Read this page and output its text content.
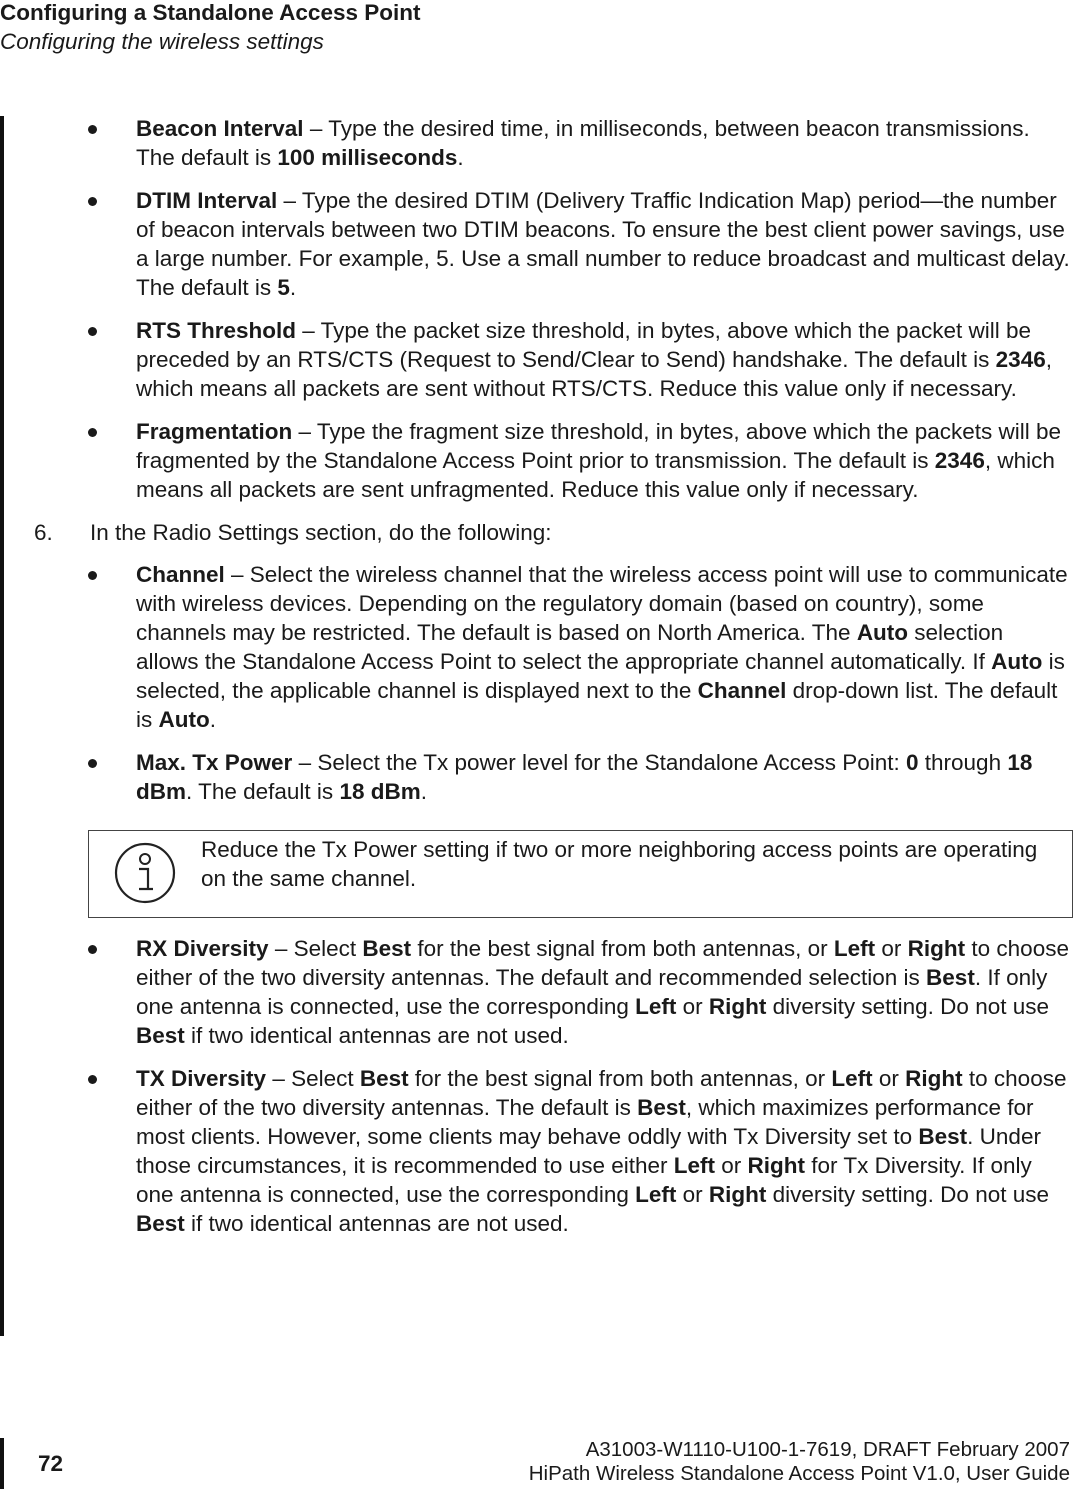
Configuring a Standalone Access Point
Configuring the wireless settings
Beacon Interval – Type the desired time, in milliseconds, between beacon transmissions. The default is 100 milliseconds.
DTIM Interval – Type the desired DTIM (Delivery Traffic Indication Map) period—the number of beacon intervals between two DTIM beacons. To ensure the best client power savings, use a large number. For example, 5. Use a small number to reduce broadcast and multicast delay. The default is 5.
RTS Threshold – Type the packet size threshold, in bytes, above which the packet will be preceded by an RTS/CTS (Request to Send/Clear to Send) handshake. The default is 2346, which means all packets are sent without RTS/CTS. Reduce this value only if necessary.
Fragmentation – Type the fragment size threshold, in bytes, above which the packets will be fragmented by the Standalone Access Point prior to transmission. The default is 2346, which means all packets are sent unfragmented. Reduce this value only if necessary.
6. In the Radio Settings section, do the following:
Channel – Select the wireless channel that the wireless access point will use to communicate with wireless devices. Depending on the regulatory domain (based on country), some channels may be restricted. The default is based on North America. The Auto selection allows the Standalone Access Point to select the appropriate channel automatically. If Auto is selected, the applicable channel is displayed next to the Channel drop-down list. The default is Auto.
Max. Tx Power – Select the Tx power level for the Standalone Access Point: 0 through 18 dBm. The default is 18 dBm.
Reduce the Tx Power setting if two or more neighboring access points are operating on the same channel.
RX Diversity – Select Best for the best signal from both antennas, or Left or Right to choose either of the two diversity antennas. The default and recommended selection is Best. If only one antenna is connected, use the corresponding Left or Right diversity setting. Do not use Best if two identical antennas are not used.
TX Diversity – Select Best for the best signal from both antennas, or Left or Right to choose either of the two diversity antennas. The default is Best, which maximizes performance for most clients. However, some clients may behave oddly with Tx Diversity set to Best. Under those circumstances, it is recommended to use either Left or Right for Tx Diversity. If only one antenna is connected, use the corresponding Left or Right diversity setting. Do not use Best if two identical antennas are not used.
72
A31003-W1110-U100-1-7619, DRAFT February 2007
HiPath Wireless Standalone Access Point V1.0, User Guide
